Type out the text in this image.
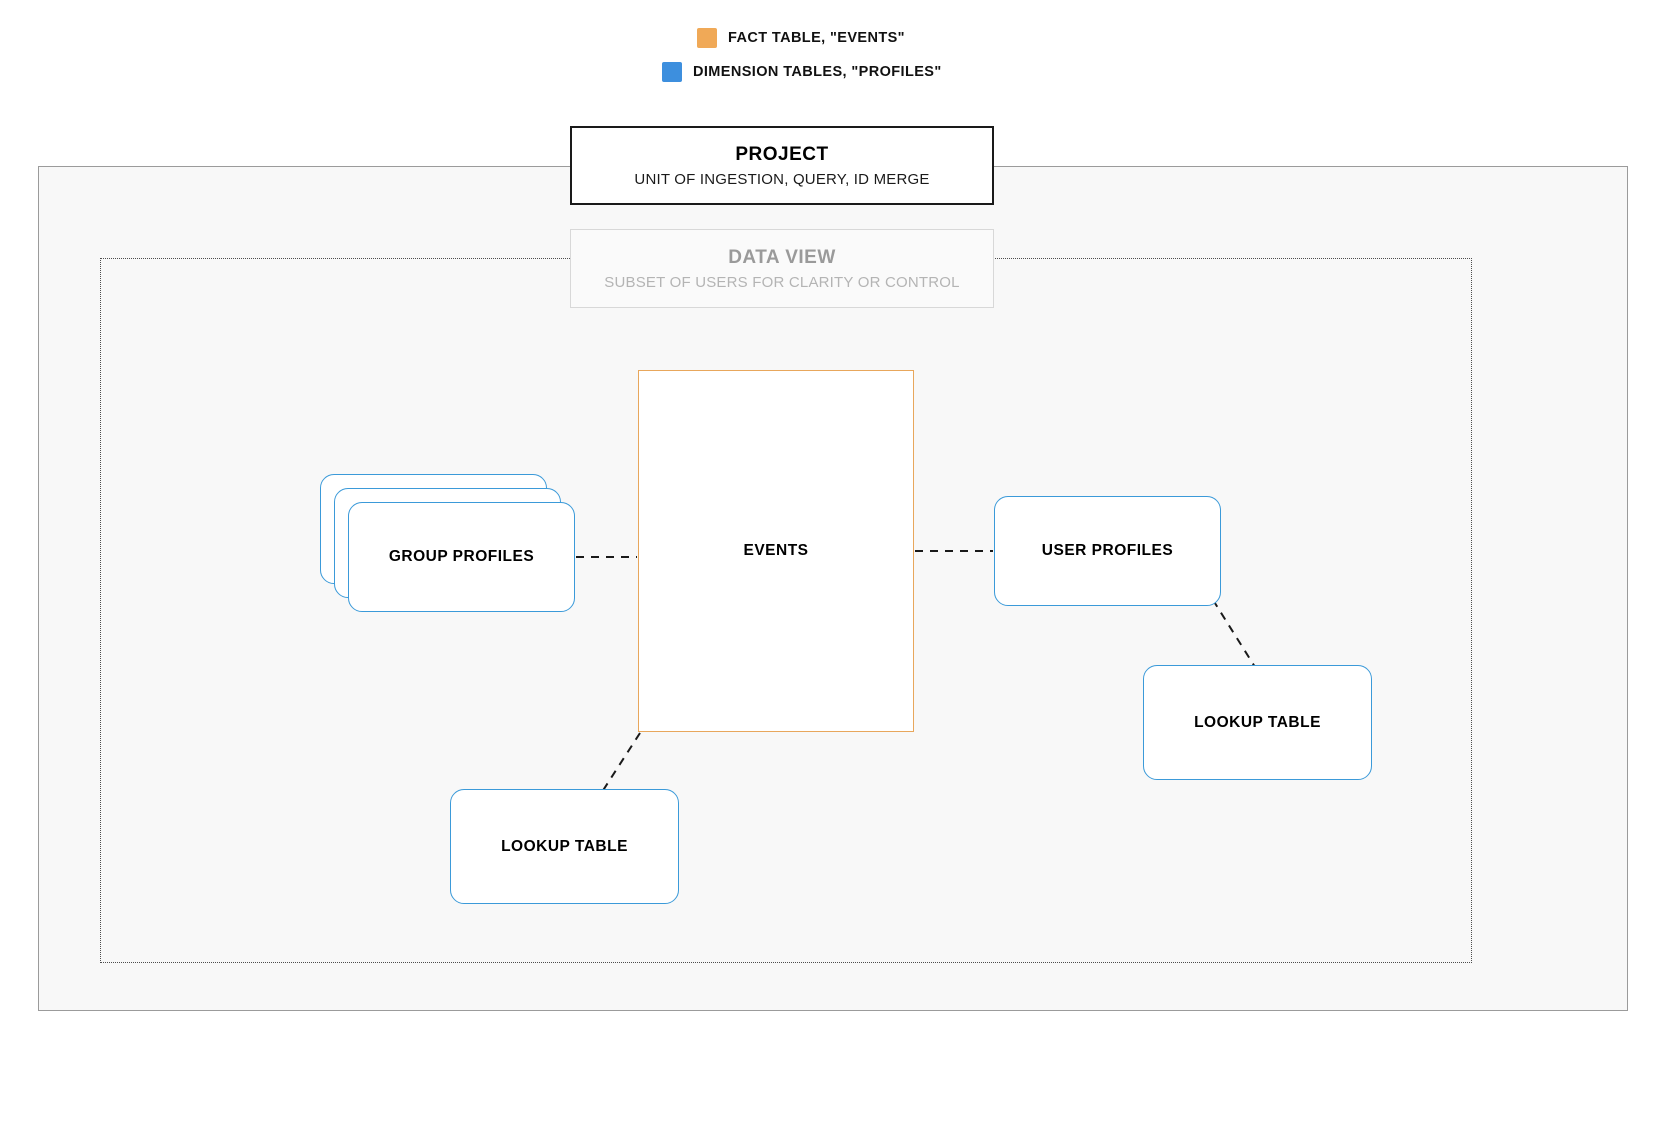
FACT TABLE, "EVENTS"
DIMENSION TABLES, "PROFILES"
EVENTS
GROUP PROFILES	USER PROFILES
LOOKUP TABLE
LOOKUP TABLE
DATA VIEW
SUBSET OF USERS FOR CLARITY OR CONTROL
PROJECT
UNIT OF INGESTION, QUERY, ID MERGE
